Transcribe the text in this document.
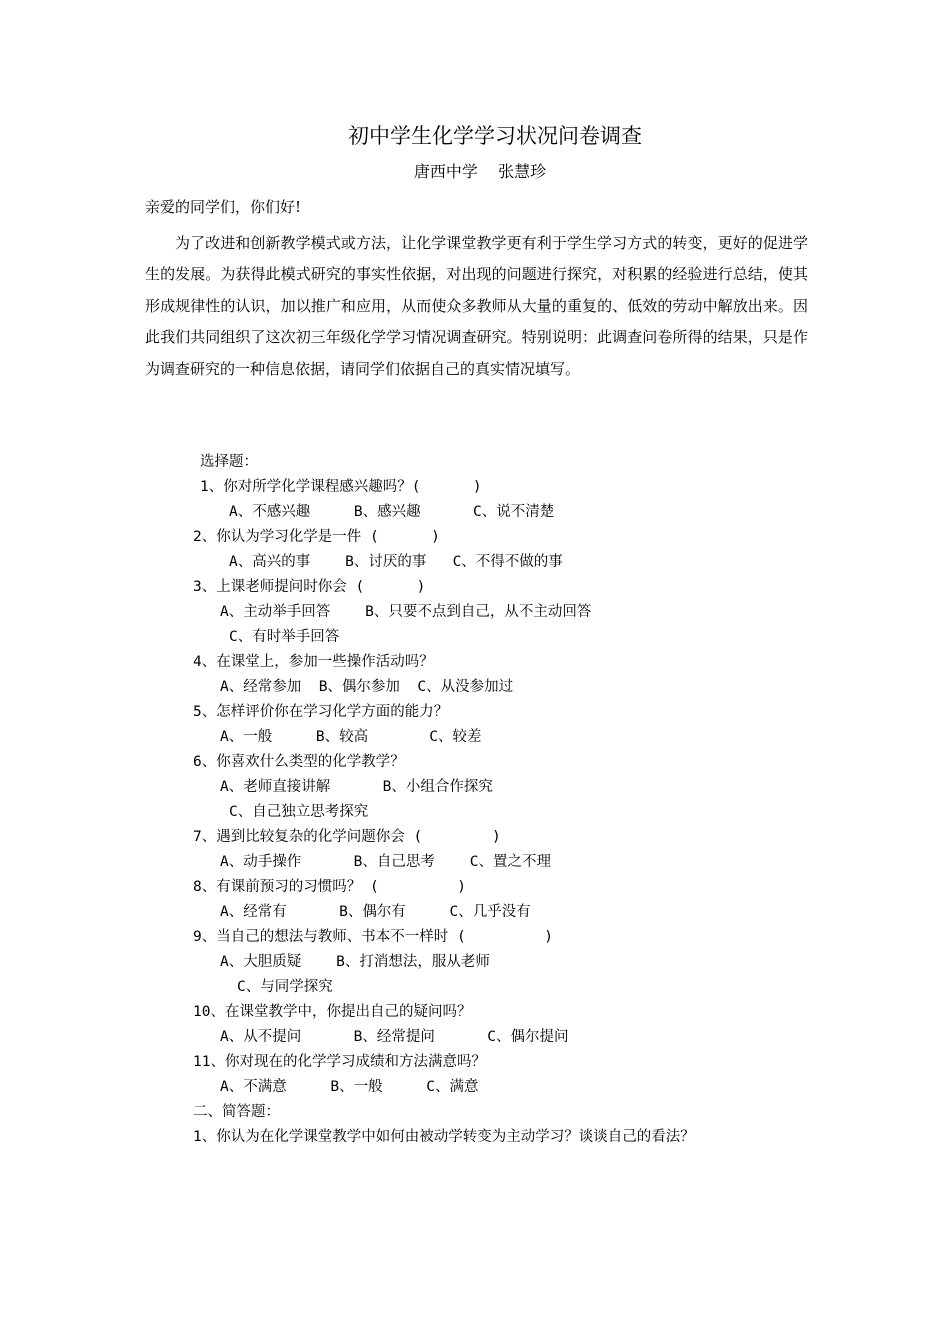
初中学生化学学习状况问卷调查
唐西中学    张慧珍
亲爱的同学们，你们好!

为了改进和创新教学模式或方法，让化学课堂教学更有利于学生学习方式的转变，更好的促进学生的发展。为获得此模式研究的事实性依据，对出现的问题进行探究，对积累的经验进行总结，使其形成规律性的认识，加以推广和应用，从而使众多教师从大量的重复的、低效的劳动中解放出来。因此我们共同组织了这次初三年级化学学习情况调查研究。特别说明：此调查问卷所得的结果，只是作为调查研究的一种信息依据，请同学们依据自己的真实情况填写。

选择题：
1、你对所学化学课程感兴趣吗？(      )
A、不感兴趣     B、感兴趣      C、说不清楚
2、你认为学习化学是一件 (      )
A、高兴的事    B、讨厌的事   C、不得不做的事
3、上课老师提问时你会 (      )
A、主动举手回答    B、只要不点到自己，从不主动回答
C、有时举手回答
4、在课堂上，参加一些操作活动吗？
A、经常参加  B、偶尔参加  C、从没参加过
5、怎样评价你在学习化学方面的能力？
A、一般     B、较高       C、较差
6、你喜欢什么类型的化学教学？
A、老师直接讲解      B、小组合作探究
C、自己独立思考探究
7、遇到比较复杂的化学问题你会 (        )
A、动手操作      B、自己思考    C、置之不理
8、有课前预习的习惯吗？ (         )
A、经常有      B、偶尔有     C、几乎没有
9、当自己的想法与教师、书本不一样时 (         )
A、大胆质疑    B、打消想法，服从老师
C、与同学探究
10、在课堂教学中，你提出自己的疑问吗？
A、从不提问      B、经常提问      C、偶尔提问
11、你对现在的化学学习成绩和方法满意吗？
A、不满意     B、一般     C、满意
二、简答题：
1、你认为在化学课堂教学中如何由被动学转变为主动学习？谈谈自己的看法？
